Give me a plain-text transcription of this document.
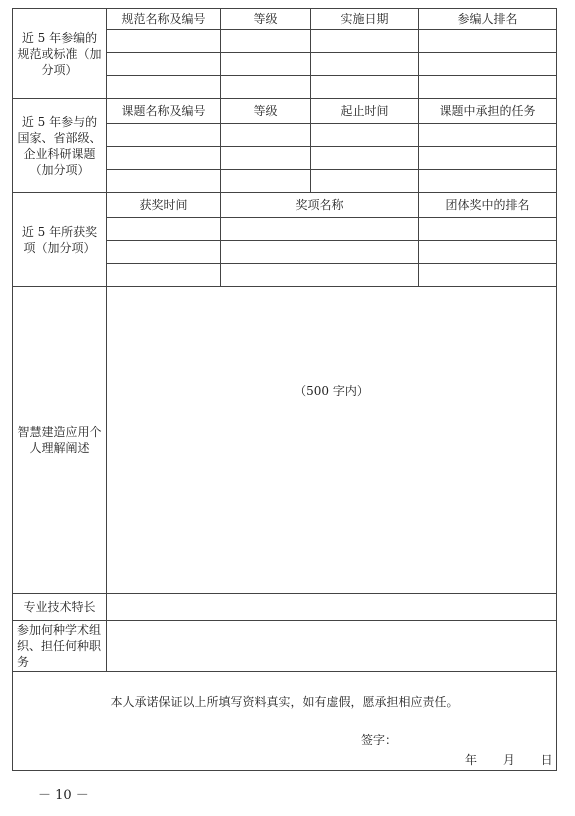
近 5 年参编的规范或标准（加分项）	规范名称及编号	等级	实施日期	参编人排名

近 5 年参与的国家、省部级、企业科研课题（加分项）	课题名称及编号	等级	起止时间	课题中承担的任务

近 5 年所获奖项（加分项）	获奖时间	奖项名称		团体奖中的排名

智慧建造应用个人理解阐述	（500 字内）			

专业技术特长				
参加何种学术组织、担任何种职务				

本人承诺保证以上所填写资料真实，如有虚假，愿承担相应责任。
签字：
年 月 日				
－ 10 －
